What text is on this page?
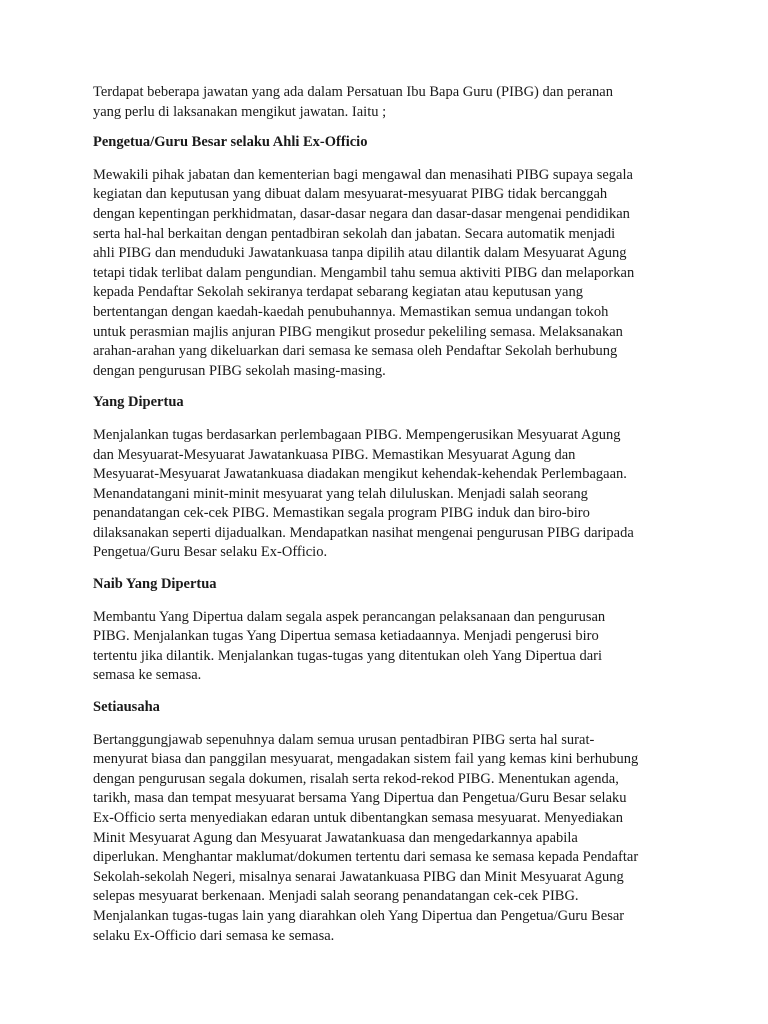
Terdapat beberapa jawatan yang ada dalam Persatuan Ibu Bapa Guru (PIBG) dan peranan
yang perlu di laksanakan mengikut jawatan. Iaitu ;
Pengetua/Guru Besar selaku Ahli Ex-Officio
Mewakili pihak jabatan dan kementerian bagi mengawal dan menasihati PIBG supaya segala
kegiatan dan keputusan yang dibuat dalam mesyuarat-mesyuarat PIBG tidak bercanggah
dengan kepentingan perkhidmatan, dasar-dasar negara dan dasar-dasar mengenai pendidikan
serta hal-hal berkaitan dengan pentadbiran sekolah dan jabatan. Secara automatik menjadi
ahli PIBG dan menduduki Jawatankuasa tanpa dipilih atau dilantik dalam Mesyuarat Agung
tetapi tidak terlibat dalam pengundian. Mengambil tahu semua aktiviti PIBG dan melaporkan
kepada Pendaftar Sekolah sekiranya terdapat sebarang kegiatan atau keputusan yang
bertentangan dengan kaedah-kaedah penubuhannya. Memastikan semua undangan tokoh
untuk perasmian majlis anjuran PIBG mengikut prosedur pekeliling semasa. Melaksanakan
arahan-arahan yang dikeluarkan dari semasa ke semasa oleh Pendaftar Sekolah berhubung
dengan pengurusan PIBG sekolah masing-masing.
Yang Dipertua
Menjalankan tugas berdasarkan perlembagaan PIBG. Mempengerusikan Mesyuarat Agung
dan Mesyuarat-Mesyuarat Jawatankuasa PIBG. Memastikan Mesyuarat Agung dan
Mesyuarat-Mesyuarat Jawatankuasa diadakan mengikut kehendak-kehendak Perlembagaan.
Menandatangani minit-minit mesyuarat yang telah diluluskan. Menjadi salah seorang
penandatangan cek-cek PIBG. Memastikan segala program PIBG induk dan biro-biro
dilaksanakan seperti dijadualkan. Mendapatkan nasihat mengenai pengurusan PIBG daripada
Pengetua/Guru Besar selaku Ex-Officio.
Naib Yang Dipertua
Membantu Yang Dipertua dalam segala aspek perancangan pelaksanaan dan pengurusan
PIBG. Menjalankan tugas Yang Dipertua semasa ketiadaannya. Menjadi pengerusi biro
tertentu jika dilantik. Menjalankan tugas-tugas yang ditentukan oleh Yang Dipertua dari
semasa ke semasa.
Setiausaha
Bertanggungjawab sepenuhnya dalam semua urusan pentadbiran PIBG serta hal surat-
menyurat biasa dan panggilan mesyuarat, mengadakan sistem fail yang kemas kini berhubung
dengan pengurusan segala dokumen, risalah serta rekod-rekod PIBG. Menentukan agenda,
tarikh, masa dan tempat mesyuarat bersama Yang Dipertua dan Pengetua/Guru Besar selaku
Ex-Officio serta menyediakan edaran untuk dibentangkan semasa mesyuarat. Menyediakan
Minit Mesyuarat Agung dan Mesyuarat Jawatankuasa dan mengedarkannya apabila
diperlukan. Menghantar maklumat/dokumen tertentu dari semasa ke semasa kepada Pendaftar
Sekolah-sekolah Negeri, misalnya senarai Jawatankuasa PIBG dan Minit Mesyuarat Agung
selepas mesyuarat berkenaan. Menjadi salah seorang penandatangan cek-cek PIBG.
Menjalankan tugas-tugas lain yang diarahkan oleh Yang Dipertua dan Pengetua/Guru Besar
selaku Ex-Officio dari semasa ke semasa.
